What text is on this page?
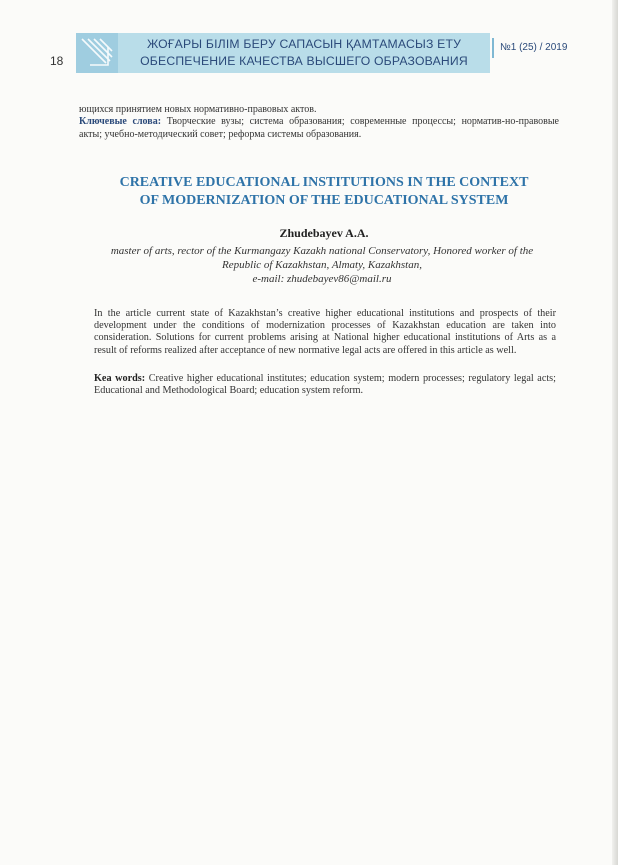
18
ЖОҒАРЫ БІЛІМ БЕРУ САПАСЫН ҚАМТАМАСЫЗ ЕТУ
ОБЕСПЕЧЕНИЕ КАЧЕСТВА ВЫСШЕГО ОБРАЗОВАНИЯ
№1 (25) / 2019
ющихся принятием новых нормативно-правовых актов.
Ключевые слова: Творческие вузы; система образования; современные процессы; норматив-но-правовые акты; учебно-методический совет; реформа системы образования.
CREATIVE EDUCATIONAL INSTITUTIONS IN THE CONTEXT
OF MODERNIZATION OF THE EDUCATIONAL SYSTEM
Zhudebayev A.A.
master of arts, rector of the Kurmangazy Kazakh national Conservatory, Honored worker of the
Republic of Kazakhstan, Almaty, Kazakhstan,
e-mail: zhudebayev86@mail.ru
In the article current state of Kazakhstan’s creative higher educational institutions and prospects of their development under the conditions of modernization processes of Kazakhstan education are taken into consideration. Solutions for current problems arising at National higher educational institutions of Arts as a result of reforms realized after acceptance of new normative legal acts are offered in this article as well.
Kea words: Creative higher educational institutes; education system; modern processes; regulatory legal acts; Educational and Methodological Board; education system reform.
